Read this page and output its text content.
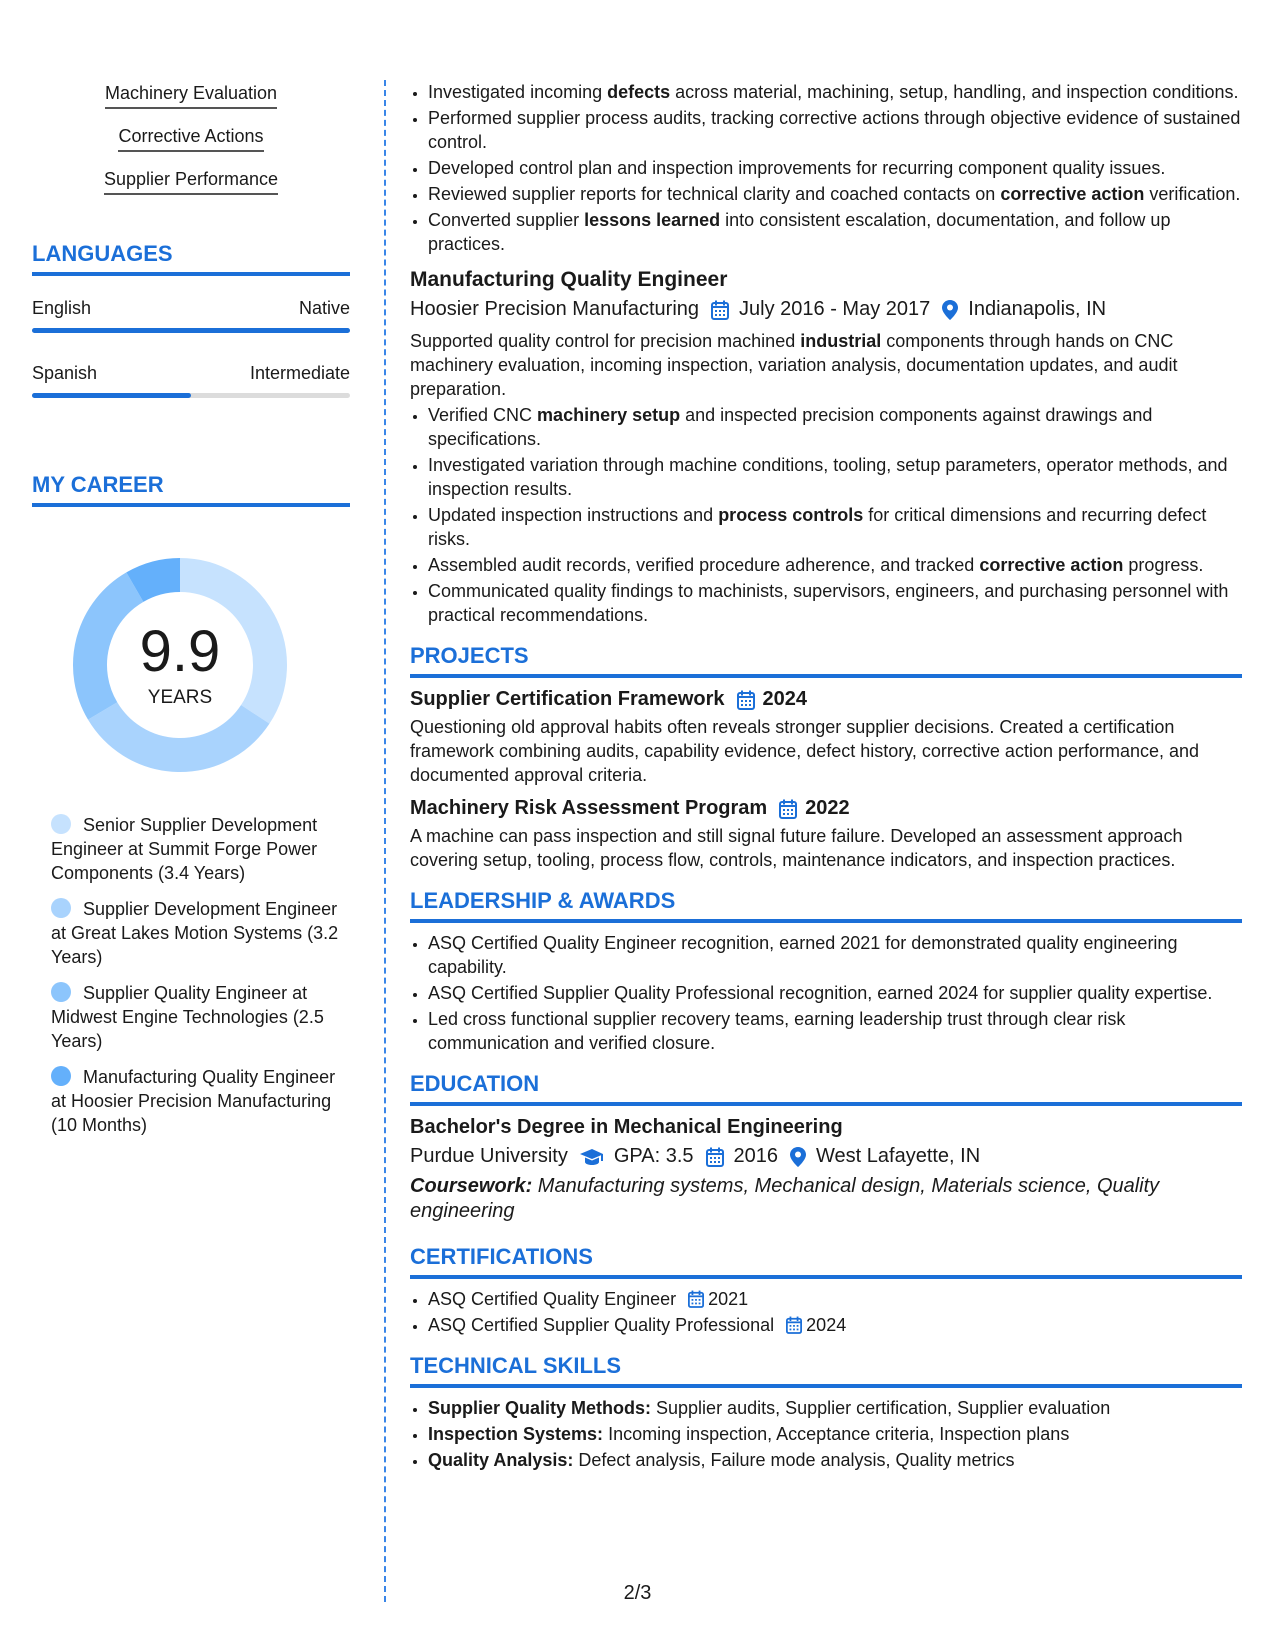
Machinery Evaluation
Corrective Actions
Supplier Performance
LANGUAGES
English	Native
Spanish	Intermediate
MY CAREER
9.9
YEARS
Senior Supplier Development Engineer at Summit Forge Power Components (3.4 Years)
Supplier Development Engineer at Great Lakes Motion Systems (3.2 Years)
Supplier Quality Engineer at Midwest Engine Technologies (2.5 Years)
Manufacturing Quality Engineer at Hoosier Precision Manufacturing (10 Months)
• Investigated incoming defects across material, machining, setup, handling, and inspection conditions.
• Performed supplier process audits, tracking corrective actions through objective evidence of sustained control.
• Developed control plan and inspection improvements for recurring component quality issues.
• Reviewed supplier reports for technical clarity and coached contacts on corrective action verification.
• Converted supplier lessons learned into consistent escalation, documentation, and follow up practices.
Manufacturing Quality Engineer
Hoosier Precision Manufacturing July 2016 - May 2017 Indianapolis, IN
Supported quality control for precision machined industrial components through hands on CNC machinery evaluation, incoming inspection, variation analysis, documentation updates, and audit preparation.
• Verified CNC machinery setup and inspected precision components against drawings and specifications.
• Investigated variation through machine conditions, tooling, setup parameters, operator methods, and inspection results.
• Updated inspection instructions and process controls for critical dimensions and recurring defect risks.
• Assembled audit records, verified procedure adherence, and tracked corrective action progress.
• Communicated quality findings to machinists, supervisors, engineers, and purchasing personnel with practical recommendations.
PROJECTS
Supplier Certification Framework 2024
Questioning old approval habits often reveals stronger supplier decisions. Created a certification framework combining audits, capability evidence, defect history, corrective action performance, and documented approval criteria.
Machinery Risk Assessment Program 2022
A machine can pass inspection and still signal future failure. Developed an assessment approach covering setup, tooling, process flow, controls, maintenance indicators, and inspection practices.
LEADERSHIP & AWARDS
• ASQ Certified Quality Engineer recognition, earned 2021 for demonstrated quality engineering capability.
• ASQ Certified Supplier Quality Professional recognition, earned 2024 for supplier quality expertise.
• Led cross functional supplier recovery teams, earning leadership trust through clear risk communication and verified closure.
EDUCATION
Bachelor's Degree in Mechanical Engineering
Purdue University GPA: 3.5 2016 West Lafayette, IN
Coursework: Manufacturing systems, Mechanical design, Materials science, Quality engineering
CERTIFICATIONS
• ASQ Certified Quality Engineer 2021
• ASQ Certified Supplier Quality Professional 2024
TECHNICAL SKILLS
• Supplier Quality Methods: Supplier audits, Supplier certification, Supplier evaluation
• Inspection Systems: Incoming inspection, Acceptance criteria, Inspection plans
• Quality Analysis: Defect analysis, Failure mode analysis, Quality metrics
2/3
